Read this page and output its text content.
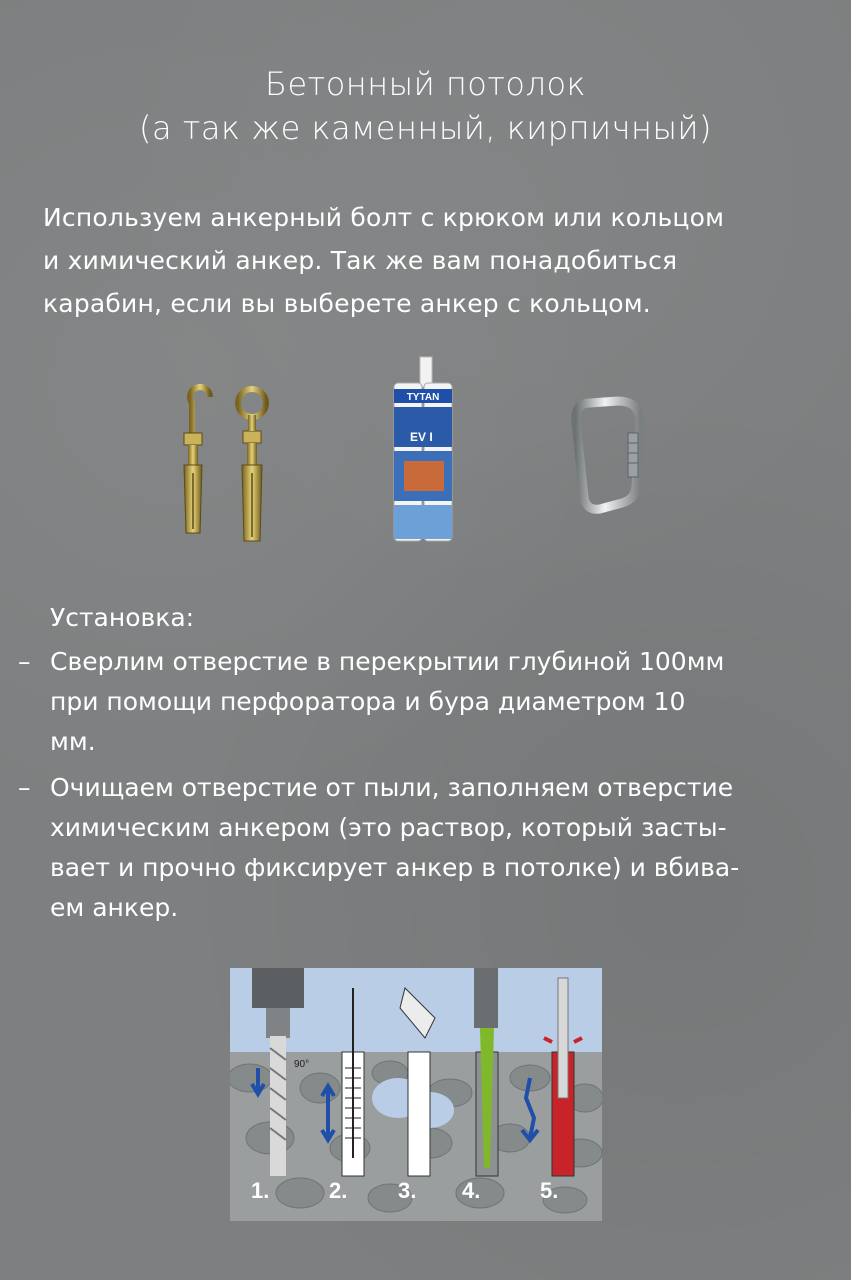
Бетонный потолок
(а так же каменный, кирпичный)
Используем анкерный болт с крюком или кольцом
и химический анкер. Так же вам понадобиться
карабин, если вы выберете анкер с кольцом.
TYTAN
EV I
Установка:
– Сверлим отверстие в перекрытии глубиной 100мм
при помощи перфоратора и бура диаметром 10
мм.
– Очищаем отверстие от пыли, заполняем отверстие
химическим анкером (это раствор, который засты-
вает и прочно фиксирует анкер в потолке) и вбива-
ем анкер.
90°
1.	2. 3. 4.	5.
